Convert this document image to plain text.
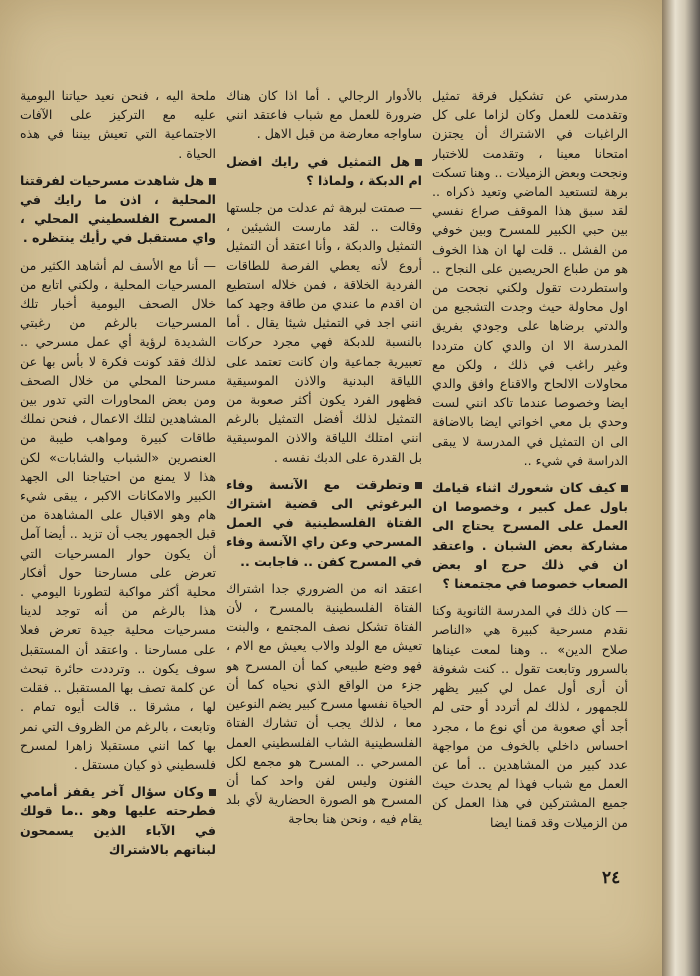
مدرستي عن تشكيل فرقة تمثيل وتقدمت للعمل وكان لزاما على كل الراغبات في الاشتراك أن يجتزن امتحانا معينا ، وتقدمت للاختبار ونجحت وبعض الزميلات .. وهنا تسكت برهة لتستعيد الماضي وتعيد ذكراه .. لقد سبق هذا الموقف صراع نفسي بين حبي الكبير للمسرح وبين خوفي من الفشل .. قلت لها ان هذا الخوف هو من طباع الحريصين على النجاح .. واستطردت تقول ولكني نجحت من اول محاولة حيث وجدت التشجيع من والدتي برضاها على وجودي بفريق المدرسة الا ان والدي كان مترددا وغير راغب في ذلك ، ولكن مع محاولات الالحاح والاقناع وافق والدي ايضا وخصوصا عندما تاكد انني لست وحدي بل معي اخواتي ايضا بالاضافة الى ان التمثيل في المدرسة لا يبقى الدراسة في شيء ..

كيف كان شعورك اثناء قيامك باول عمل كبير ، وخصوصا ان العمل على المسرح يحتاج الى مشاركة بعض الشبان . واعتقد ان في ذلك حرج او بعض الصعاب خصوصا في مجتمعنا ؟

— كان ذلك في المدرسة الثانوية وكنا نقدم مسرحية كبيرة هي «الناصر صلاح الدين» .. وهنا لمعت عيناها بالسرور وتابعت تقول .. كنت شغوفة أن أرى أول عمل لي كبير يظهر للجمهور ، لذلك لم أتردد أو حتى لم أجد أي صعوبة من أي نوع ما ، مجرد احساس داخلي بالخوف من مواجهة عدد كبير من المشاهدين .. أما عن العمل مع شباب فهذا لم يحدث حيث جميع المشتركين في هذا العمل كن من الزميلات وقد قمنا ايضا

بالأدوار الرجالي . أما اذا كان هناك ضرورة للعمل مع شباب فاعتقد انني ساواجه معارضة من قبل الاهل .

هل التمثيل في رايك افضل ام الدبكة ، ولماذا ؟

— صمتت لبرهة ثم عدلت من جلستها وقالت .. لقد مارست الشيئين ، التمثيل والدبكة ، وأنا اعتقد أن التمثيل أروع لأنه يعطي الفرصة للطاقات الفردية الخلاقة ، فمن خلاله استطيع ان اقدم ما عندي من طاقة وجهد كما انني اجد في التمثيل شيئا يقال . أما بالنسبة للدبكة فهي مجرد حركات تعبيرية جماعية وان كانت تعتمد على اللياقة البدنية والاذن الموسيقية فظهور الفرد يكون أكثر صعوبة من التمثيل لذلك أفضل التمثيل بالرغم انني امتلك اللياقة والاذن الموسيقية بل القدرة على الدبك نفسه .

وتطرقت مع الآنسة وفاء البرغوثي الى قضية اشتراك الفتاة الفلسطينية في العمل المسرحي وعن راي الآنسة وفاء في المسرح كفن .. فاجابت ..

اعتقد انه من الضروري جدا اشتراك الفتاة الفلسطينية بالمسرح ، لأن الفتاة تشكل نصف المجتمع ، والبنت تعيش مع الولد والاب يعيش مع الام ، فهو وضع طبيعي كما أن المسرح هو جزء من الواقع الذي نحياه كما أن الحياة نفسها مسرح كبير يضم النوعين معا ، لذلك يجب أن تشارك الفتاة الفلسطينية الشاب الفلسطيني العمل المسرحي .. المسرح هو مجمع لكل الفنون وليس لفن واحد كما أن المسرح هو الصورة الحضارية لأي بلد يقام فيه ، ونحن هنا بحاجة

ملحة اليه ، فنحن نعيد حياتنا اليومية عليه مع التركيز على الآفات الاجتماعية التي تعيش بيننا في هذه الحياة .

هل شاهدت مسرحيات لفرقتنا المحلية ، اذن ما رايك في المسرح الفلسطيني المحلي ، واي مستقبل في رأيك ينتظره .

— أنا مع الأسف لم أشاهد الكثير من المسرحيات المحلية ، ولكني اتابع من خلال الصحف اليومية أخبار تلك المسرحيات بالرغم من رغبتي الشديدة لرؤية أي عمل مسرحي .. لذلك فقد كونت فكرة لا بأس بها عن مسرحنا المحلي من خلال الصحف ومن بعض المحاورات التي تدور بين المشاهدين لتلك الاعمال ، فنحن نملك طاقات كبيرة ومواهب طيبة من العنصرين «الشباب والشابات» لكن هذا لا يمنع من احتياجنا الى الجهد الكبير والامكانات الاكبر ، يبقى شيء هام وهو الاقبال على المشاهدة من قبل الجمهور يجب أن تزيد .. أيضا آمل أن يكون حوار المسرحيات التي تعرض على مسارحنا حول أفكار محلية أكثر مواكبة لتطورنا اليومي . هذا بالرغم من أنه توجد لدينا مسرحيات محلية جيدة تعرض فعلا على مسارحنا . واعتقد أن المستقبل سوف يكون .. وترددت حائرة تبحث عن كلمة تصف بها المستقبل .. فقلت لها ، مشرقا .. قالت أيوه تمام . وتابعت ، بالرغم من الظروف التي نمر بها كما انني مستقبلا زاهرا لمسرح فلسطيني ذو كيان مستقل .

وكان سؤال آخر يقفز أمامي فطرحته عليها وهو ..ما قولك في الآباء الذين يسمحون لبناتهم بالاشتراك

٢٤
